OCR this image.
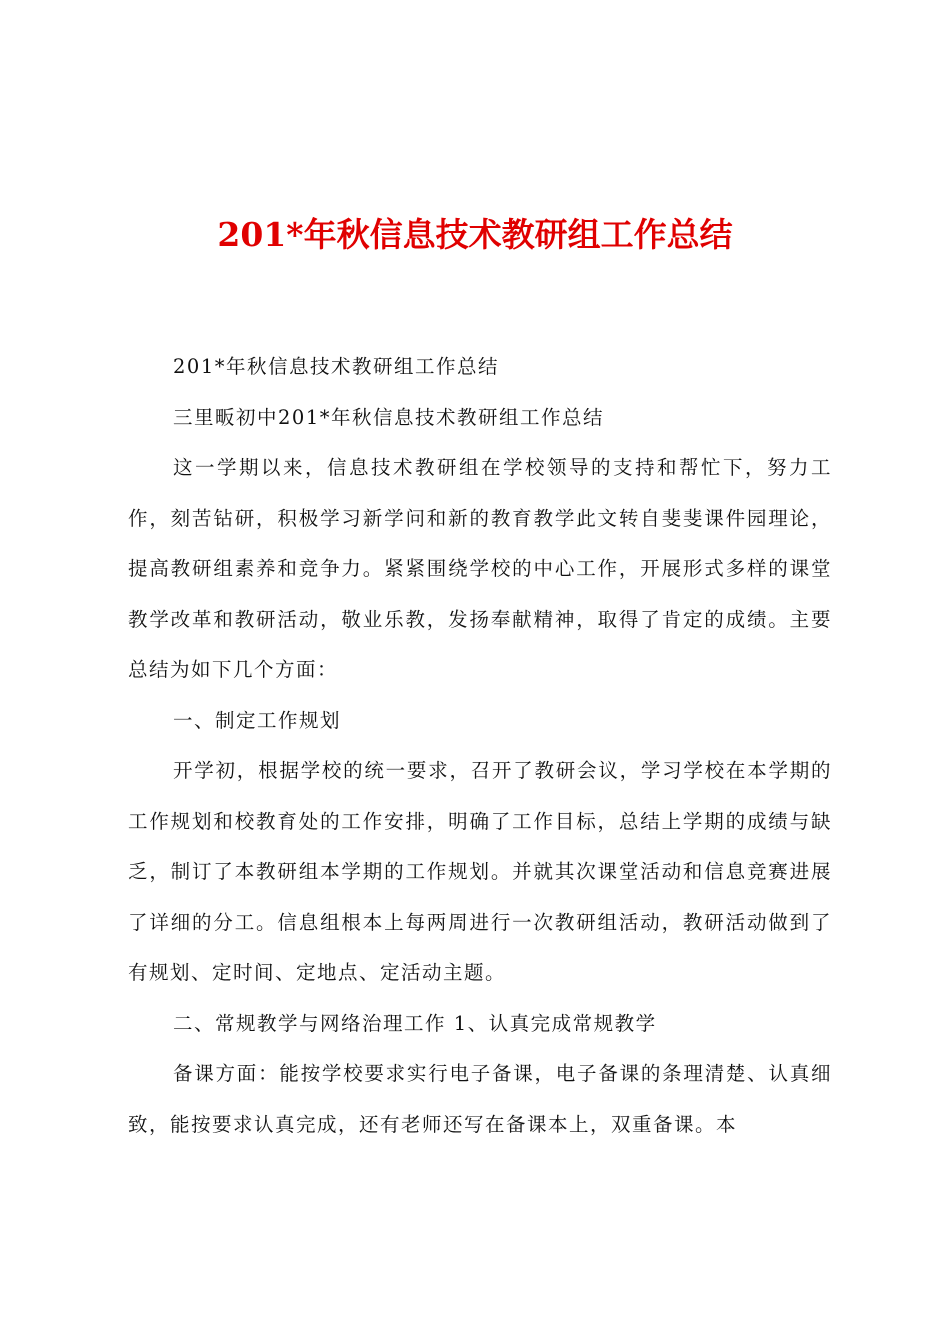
201*年秋信息技术教研组工作总结

201*年秋信息技术教研组工作总结

三里畈初中201*年秋信息技术教研组工作总结

这一学期以来，信息技术教研组在学校领导的支持和帮忙下，努力工作，刻苦钻研，积极学习新学问和新的教育教学此文转自斐斐课件园理论，提高教研组素养和竞争力。紧紧围绕学校的中心工作，开展形式多样的课堂教学改革和教研活动，敬业乐教，发扬奉献精神，取得了肯定的成绩。主要总结为如下几个方面：

一、制定工作规划

开学初，根据学校的统一要求，召开了教研会议，学习学校在本学期的工作规划和校教育处的工作安排，明确了工作目标，总结上学期的成绩与缺乏，制订了本教研组本学期的工作规划。并就其次课堂活动和信息竞赛进展了详细的分工。信息组根本上每两周进行一次教研组活动，教研活动做到了有规划、定时间、定地点、定活动主题。

二、常规教学与网络治理工作 1、认真完成常规教学

备课方面：能按学校要求实行电子备课，电子备课的条理清楚、认真细致，能按要求认真完成，还有老师还写在备课本上，双重备课。本
